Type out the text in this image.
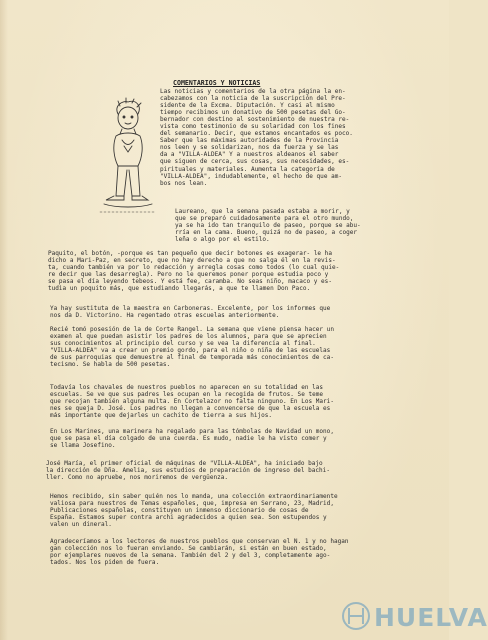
COMENTARIOS Y NOTICIAS

Las noticias y comentarios de la otra página la en-
cabezamos con la noticia de la suscripción del Pre-
sidente de la Excma. Diputación. Y casi al mismo
tiempo recibimos un donativo de 500 pesetas del Go-
bernador con destino al sostenimiento de nuestra re-
vista como testimonio de su solaridad con los fines
del semanario. Decir, que estamos encantados es poco.
Saber que las máximas autoridades de la Provincia
nos leen y se solidarizan, nos da fuerza y se las
da a "VILLA-ALDEA" Y a nuestros aldeanos el saber
que siguen de cerca, sus cosas, sus necesidades, es-
pirituales y materiales. Aumenta la categoría de
"VILLA-ALDEA", indudablemente, el hecho de que am-
bos nos lean.

Laureano, que la semana pasada estaba a morir, y
que se preparó cuidadosamente para el otro mundo,
ya se ha ido tan tranquilo de paseo, porque se abu-
rría en la cama. Bueno, quizá no de paseo, a coger
leña o algo por el estilo.

Paquito, el botón, -porque es tan pequeño que decir botones es exagerar- le ha
dicho a Mari-Paz, en secreto, que no hay derecho a que no salga él en la revis-
ta, cuando también va por lo redacción y arregla cosas como todos (lo cual quie-
re decir que las desarregla). Pero no le queremos poner porque estudia poco y
se pasa el día leyendo tebeos. Y está fee, caramba. No seas niño, macaco y es-
tudia un poquito más, que estudiando llegarás, a que te llamen Don Paco.

Ya hay sustituta de la maestra en Carboneras. Excelente, por los informes que
nos da D. Victorino. Ha regentado otras escuelas anteriormente.

Recié tomó posesión de la de Corte Rangel. La semana que viene piensa hacer un
examen al que puedan asistir los padres de los alumnos, para que se aprecien
sus conocimientos al principio del curso y se vea la diferencia al final.
"VILLA-ALDEA" va a crear un premio gordo, para el niño o niña de las escuelas
de sus parroquias que demuestre al final de temporada más conocimientos de ca-
tecismo. Se habla de 500 pesetas.

Todavía los chavales de nuestros pueblos no aparecen en su totalidad en las
escuelas. Se ve que sus padres les ocupan en la recogida de frutos. Se teme
que recojan también alguna multa. En Cortelazor no falta ninguno. En Los Mari-
nes se queja D. José. Los padres no llegan a convencerse de que la escuela es
más importante que dejarles un cachito de tierra a sus hijos.

En Los Marines, una marinera ha regalado para las tómbolas de Navidad un mono,
que se pasa el día colgado de una cuerda. Es mudo, nadie le ha visto comer y
se llama Josefino.

José María, el primer oficial de máquinas de "VILLA-ALDEA", ha iniciado bajo
la dirección de Dña. Amelia, sus estudios de preparación de ingreso del bachi-
ller. Como no apruebe, nos moriremos de vergüenza.

Hemos recibido, sin saber quién nos lo manda, una colección extraordinariamente
valiosa para nuestros de Temas españoles, que, impresa en Serrano, 23, Madrid,
Publicaciones españolas, constituyen un inmenso diccionario de cosas de
España. Estamos super contra archi agradecidos a quien sea. Son estupendos y
valen un dineral.

Agradeceríamos a los lectores de nuestros pueblos que conservan el N. 1 y no hagan
gan colección nos lo fueran enviando. Se cambiarán, si están en buen estado,
por ejemplares nuevos de la semana. También del 2 y del 3, completamente ago-
tados. Nos los piden de fuera.

HUELVA
